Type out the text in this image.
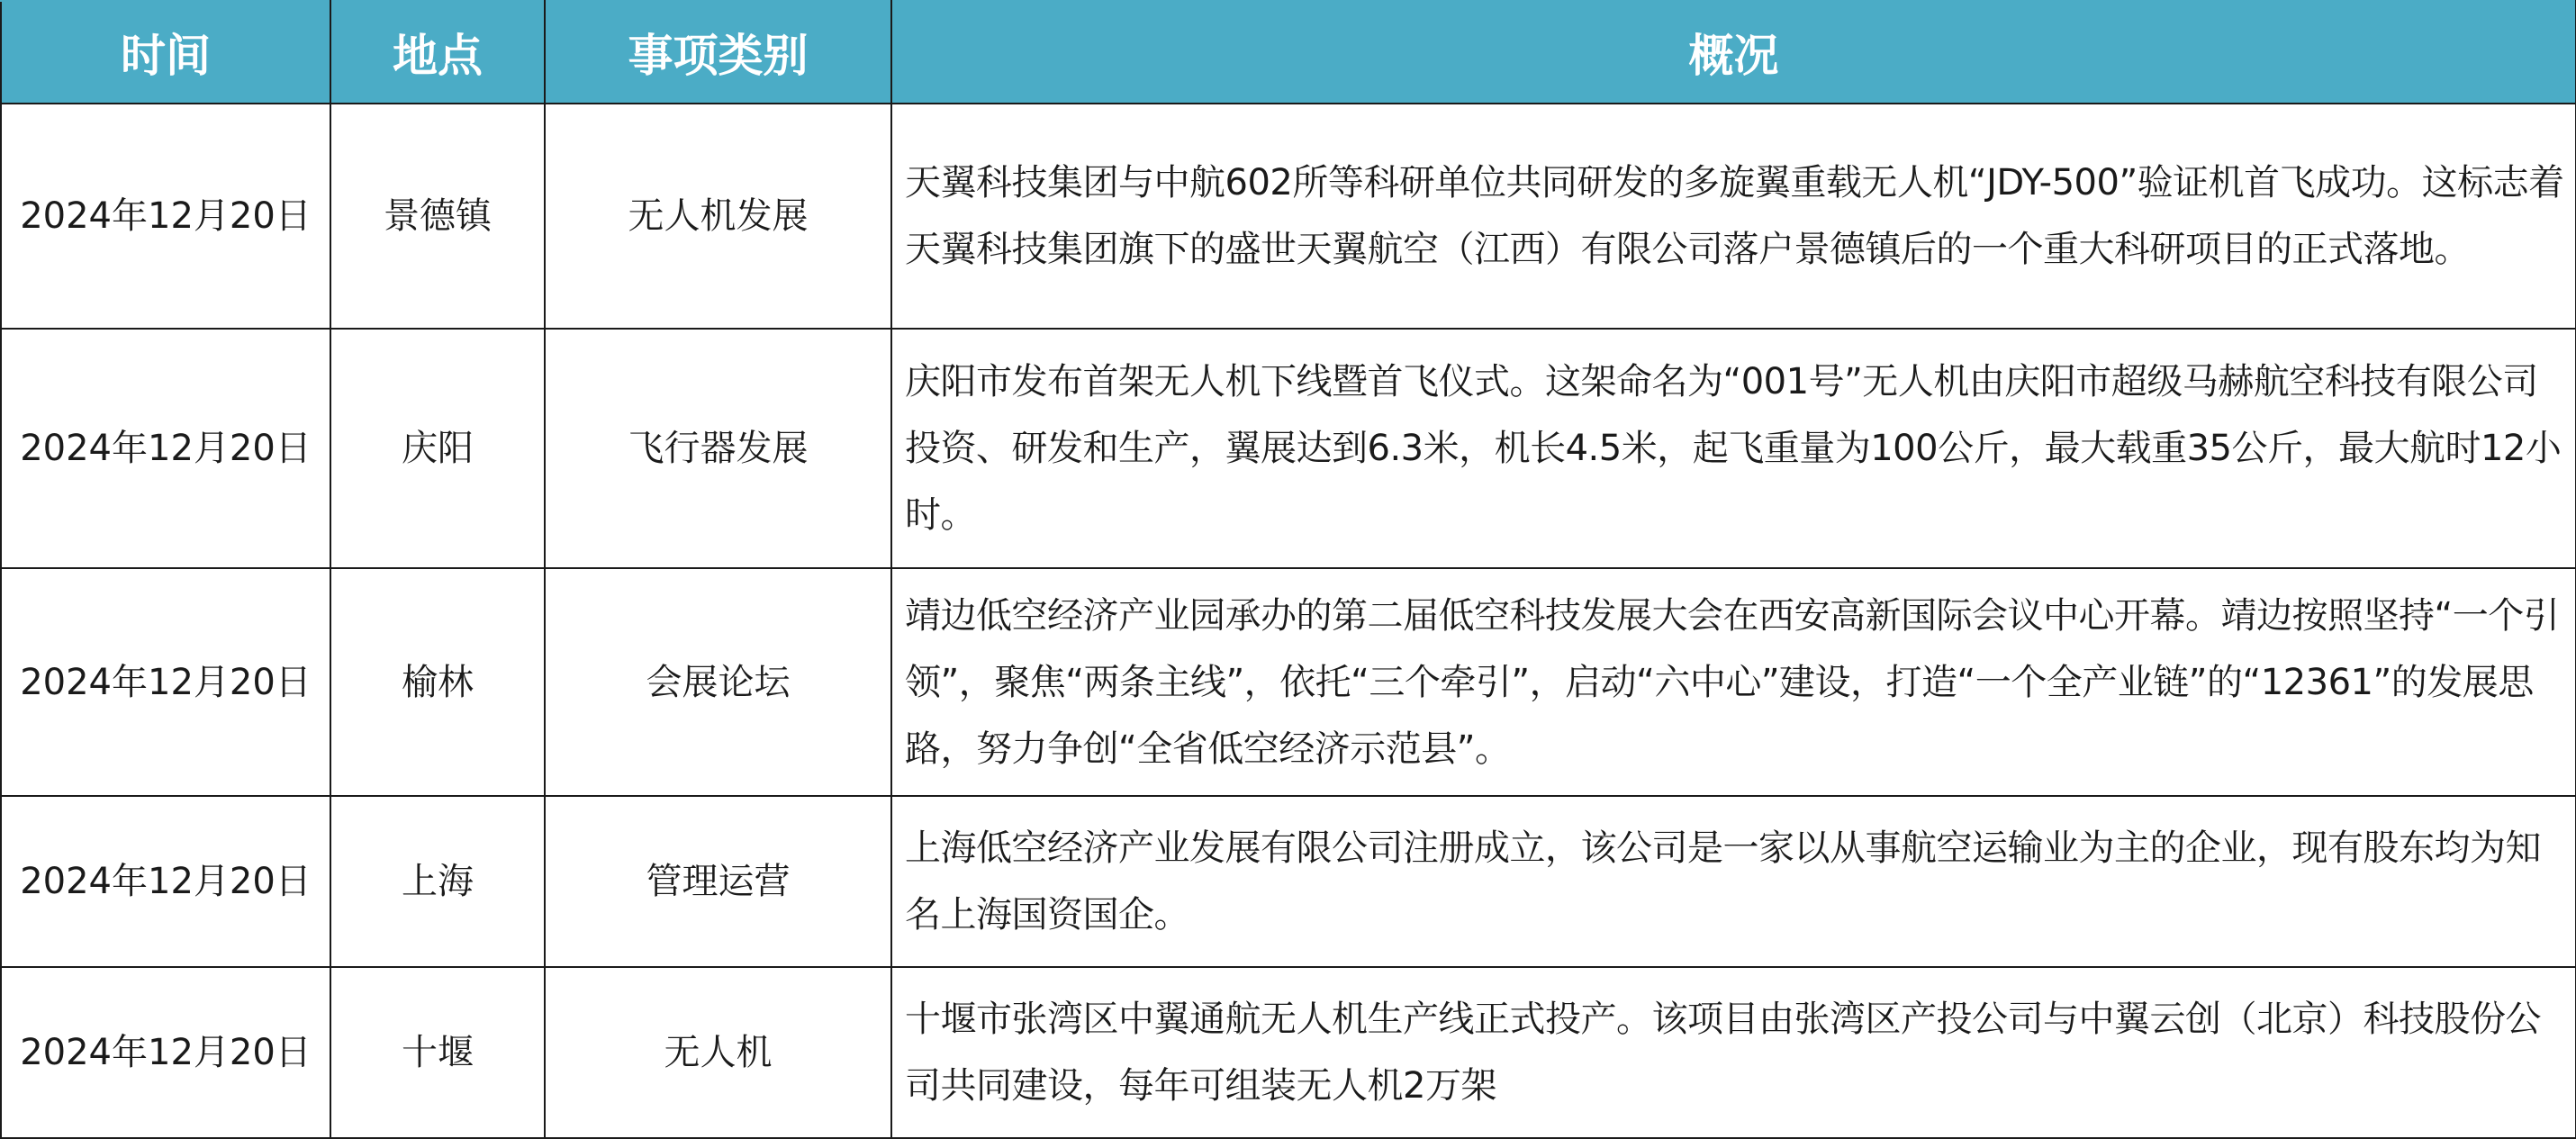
时间	地点	事项类别	概况
2024年12月20日	景德镇	无人机发展	天翼科技集团与中航602所等科研单位共同研发的多旋翼重载无人机“JDY-500”验证机首飞成功。这标志着天翼科技集团旗下的盛世天翼航空（江西）有限公司落户景德镇后的一个重大科研项目的正式落地。
2024年12月20日	庆阳	飞行器发展	庆阳市发布首架无人机下线暨首飞仪式。这架命名为“001号”无人机由庆阳市超级马赫航空科技有限公司投资、研发和生产，翼展达到6.3米，机长4.5米，起飞重量为100公斤，最大载重35公斤，最大航时12小时。
2024年12月20日	榆林	会展论坛	靖边低空经济产业园承办的第二届低空科技发展大会在西安高新国际会议中心开幕。靖边按照坚持“一个引领”，聚焦“两条主线”，依托“三个牵引”，启动“六中心”建设，打造“一个全产业链”的“12361”的发展思路，努力争创“全省低空经济示范县”。
2024年12月20日	上海	管理运营	上海低空经济产业发展有限公司注册成立，该公司是一家以从事航空运输业为主的企业，现有股东均为知名上海国资国企。
2024年12月20日	十堰	无人机	十堰市张湾区中翼通航无人机生产线正式投产。该项目由张湾区产投公司与中翼云创（北京）科技股份公司共同建设，每年可组装无人机2万架
